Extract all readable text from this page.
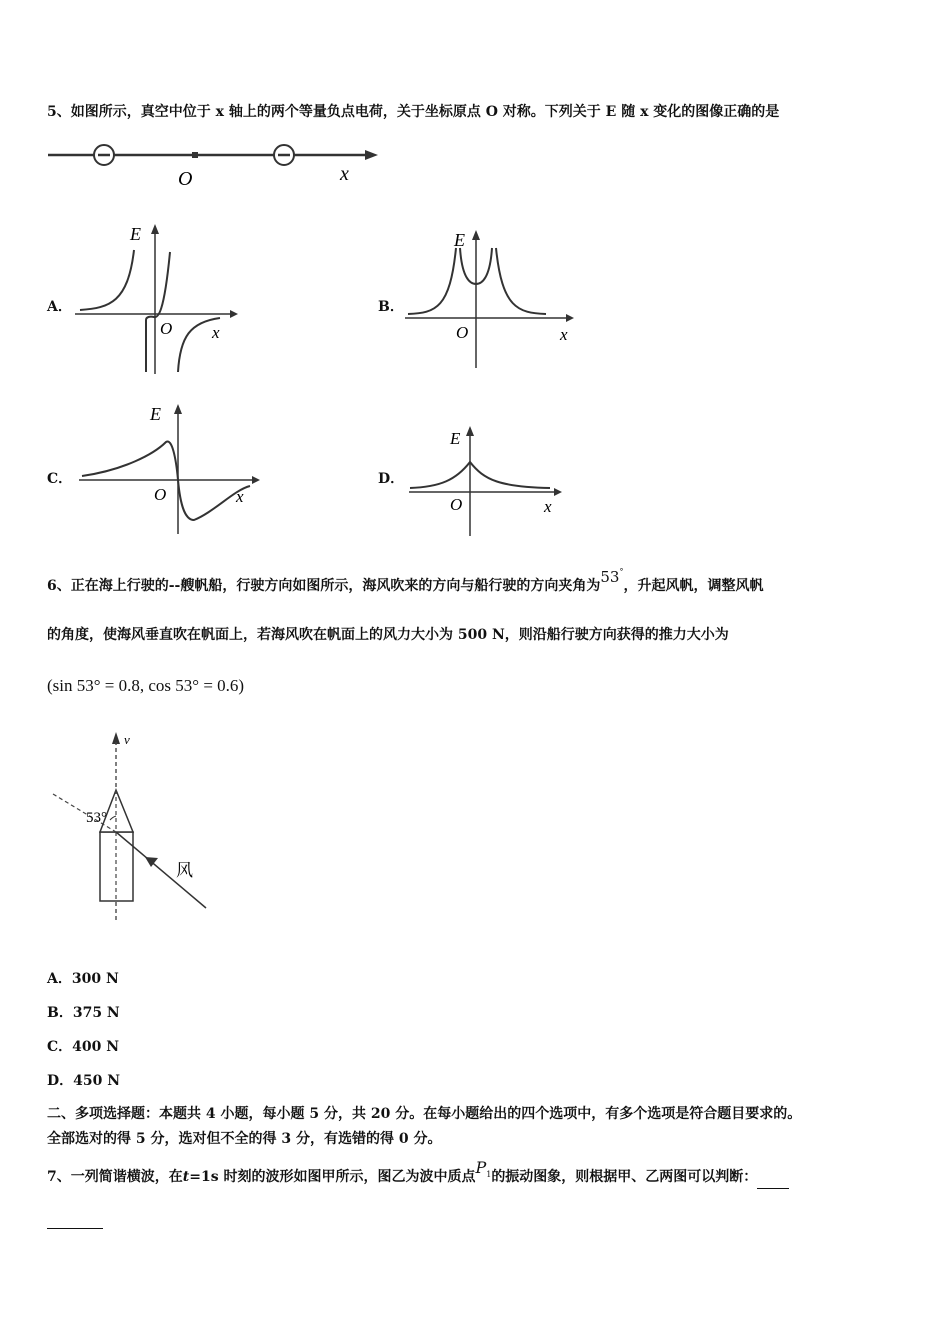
5、如图所示，真空中位于 x 轴上的两个等量负点电荷，关于坐标原点 O 对称。下列关于 E 随 x 变化的图像正确的是
O	x
A．
E
O x
B．
E
O	x
C．
E
O	x
D．
E
O	x
6、正在海上行驶的--艘帆船，行驶方向如图所示，海风吹来的方向与船行驶的方向夹角为53°，升起风帆，调整风帆
的角度，使海风垂直吹在帆面上，若海风吹在帆面上的风力大小为 500 N，则沿船行驶方向获得的推力大小为
(sin 53° = 0.8, cos 53° = 0.6)
v
53°
风
A．300 N
B．375 N
C．400 N
D．450 N
二、多项选择题：本题共 4 小题，每小题 5 分，共 20 分。在每小题给出的四个选项中，有多个选项是符合题目要求的。
全部选对的得 5 分，选对但不全的得 3 分，有选错的得 0 分。
7、一列简谐横波，在t=1s 时刻的波形如图甲所示，图乙为波中质点$P^1$的振动图象，则根据甲、乙两图可以判断：
